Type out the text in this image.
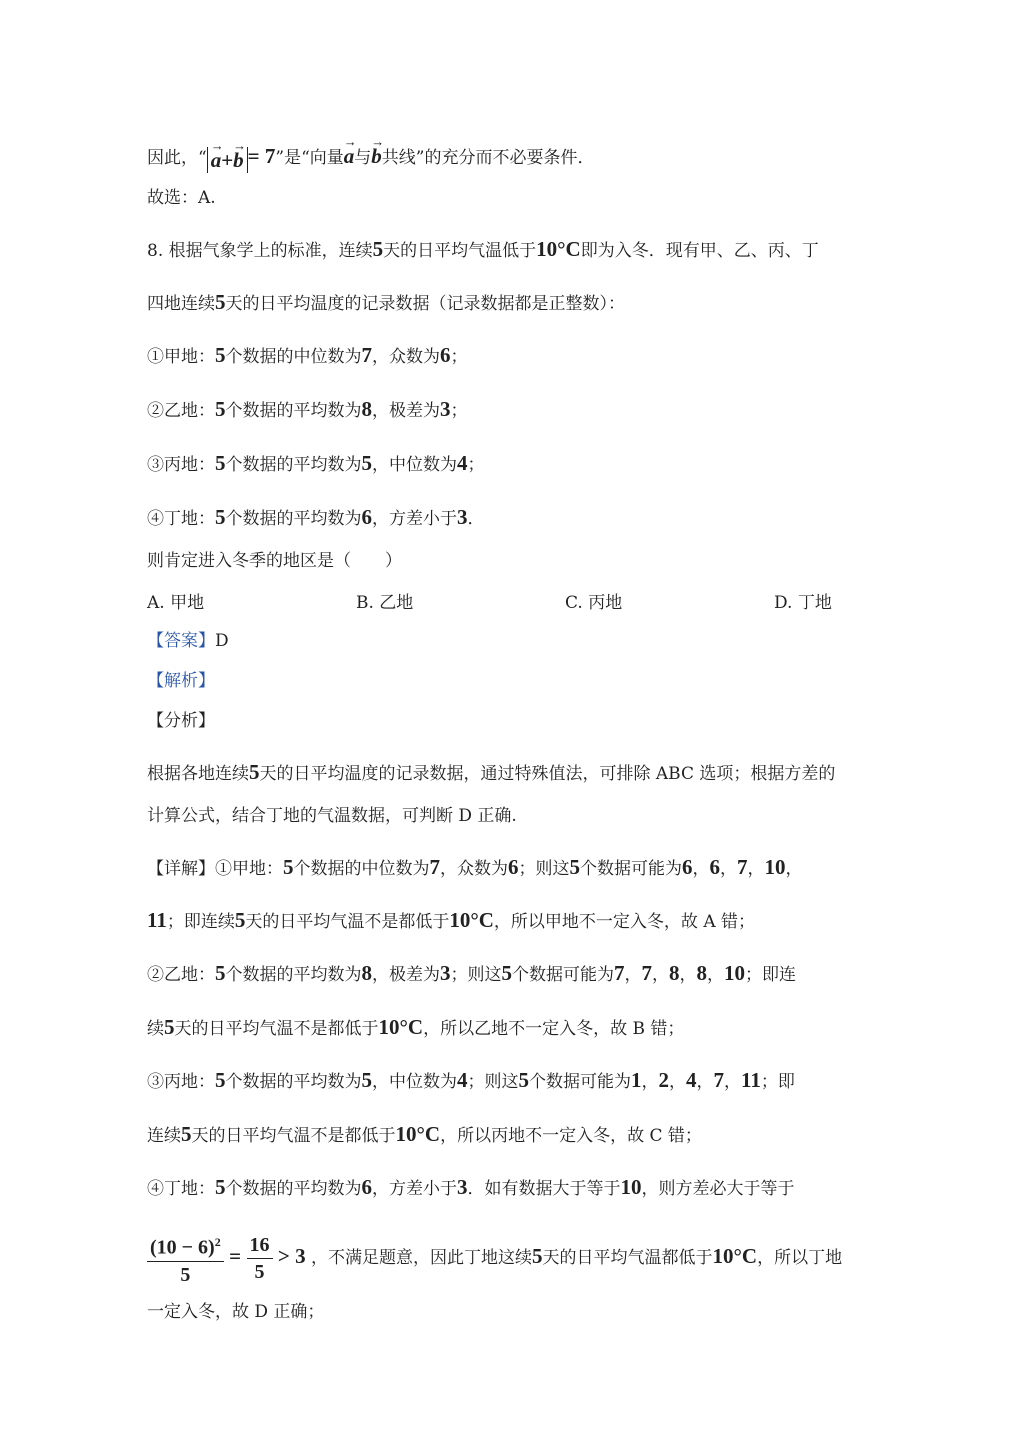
因此，“→ a+→ b = 7”是“向量→ a与→ b共线”的充分而不必要条件．
故选：A.
8. 根据气象学上的标准，连续5天的日平均气温低于10°C即为入冬．现有甲、乙、丙、丁
四地连续5天的日平均温度的记录数据（记录数据都是正整数）：
①甲地：5个数据的中位数为7，众数为6；
②乙地：5个数据的平均数为8，极差为3；
③丙地：5个数据的平均数为5，中位数为4；
④丁地：5个数据的平均数为6，方差小于3．
则肯定进入冬季的地区是（　　）
A. 甲地	B. 乙地	C. 丙地	D. 丁地
【答案】D
【解析】
【分析】
根据各地连续5天的日平均温度的记录数据，通过特殊值法，可排除 ABC 选项；根据方差的
计算公式，结合丁地的气温数据，可判断 D 正确.
【详解】①甲地：5个数据的中位数为7，众数为6；则这5个数据可能为6，6，7，10，
11；即连续5天的日平均气温不是都低于10°C，所以甲地不一定入冬，故 A 错；
②乙地：5个数据的平均数为8，极差为3；则这5个数据可能为7，7，8，8，10；即连
续5天的日平均气温不是都低于10°C，所以乙地不一定入冬，故 B 错；
③丙地：5个数据的平均数为5，中位数为4；则这5个数据可能为1，2，4，7，11；即
连续5天的日平均气温不是都低于10°C，所以丙地不一定入冬，故 C 错；
④丁地：5个数据的平均数为6，方差小于3．如有数据大于等于10，则方差必大于等于
$\frac{(10 - 6)^2}{5} = \frac{16}{5} > 3$ ，不满足题意，因此丁地这续5天的日平均气温都低于10°C，所以丁地
一定入冬，故 D 正确；
